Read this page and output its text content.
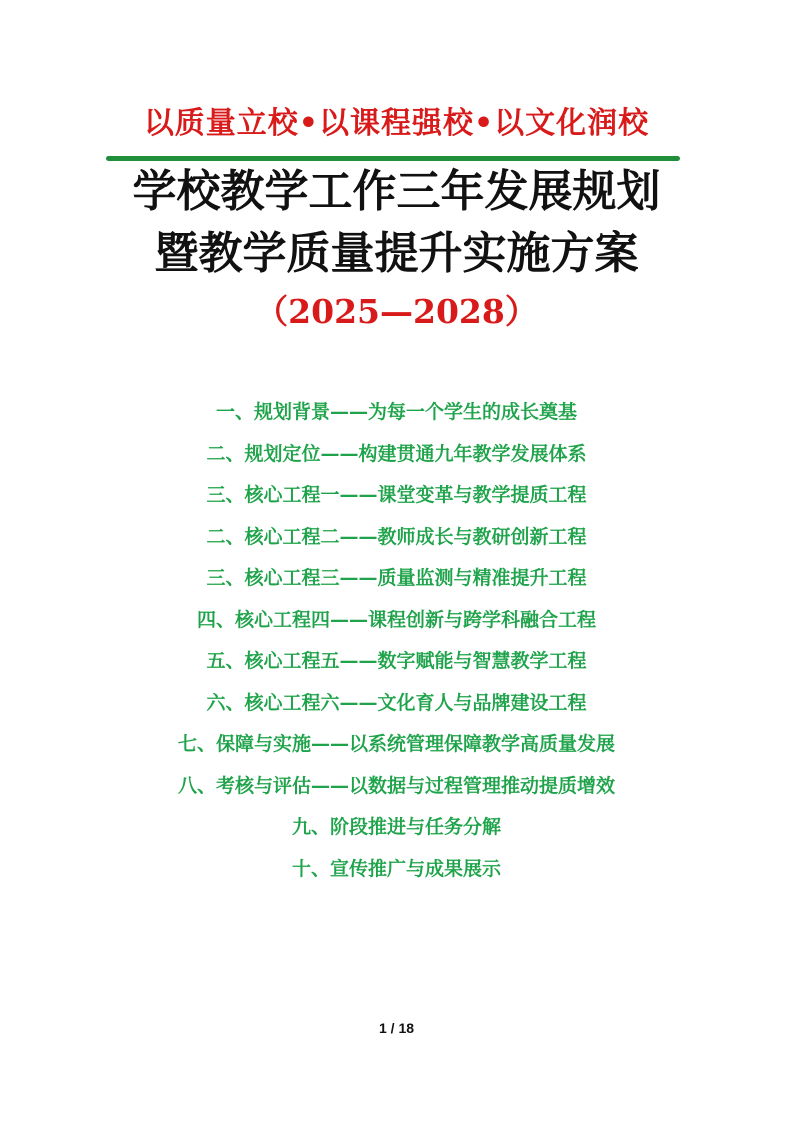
以质量立校•以课程强校•以文化润校
学校教学工作三年发展规划
暨教学质量提升实施方案
（2025—2028）
一、规划背景——为每一个学生的成长奠基
二、规划定位——构建贯通九年教学发展体系
三、核心工程一——课堂变革与教学提质工程
二、核心工程二——教师成长与教研创新工程
三、核心工程三——质量监测与精准提升工程
四、核心工程四——课程创新与跨学科融合工程
五、核心工程五——数字赋能与智慧教学工程
六、核心工程六——文化育人与品牌建设工程
七、保障与实施——以系统管理保障教学高质量发展
八、考核与评估——以数据与过程管理推动提质增效
九、阶段推进与任务分解
十、宣传推广与成果展示
1 / 18
